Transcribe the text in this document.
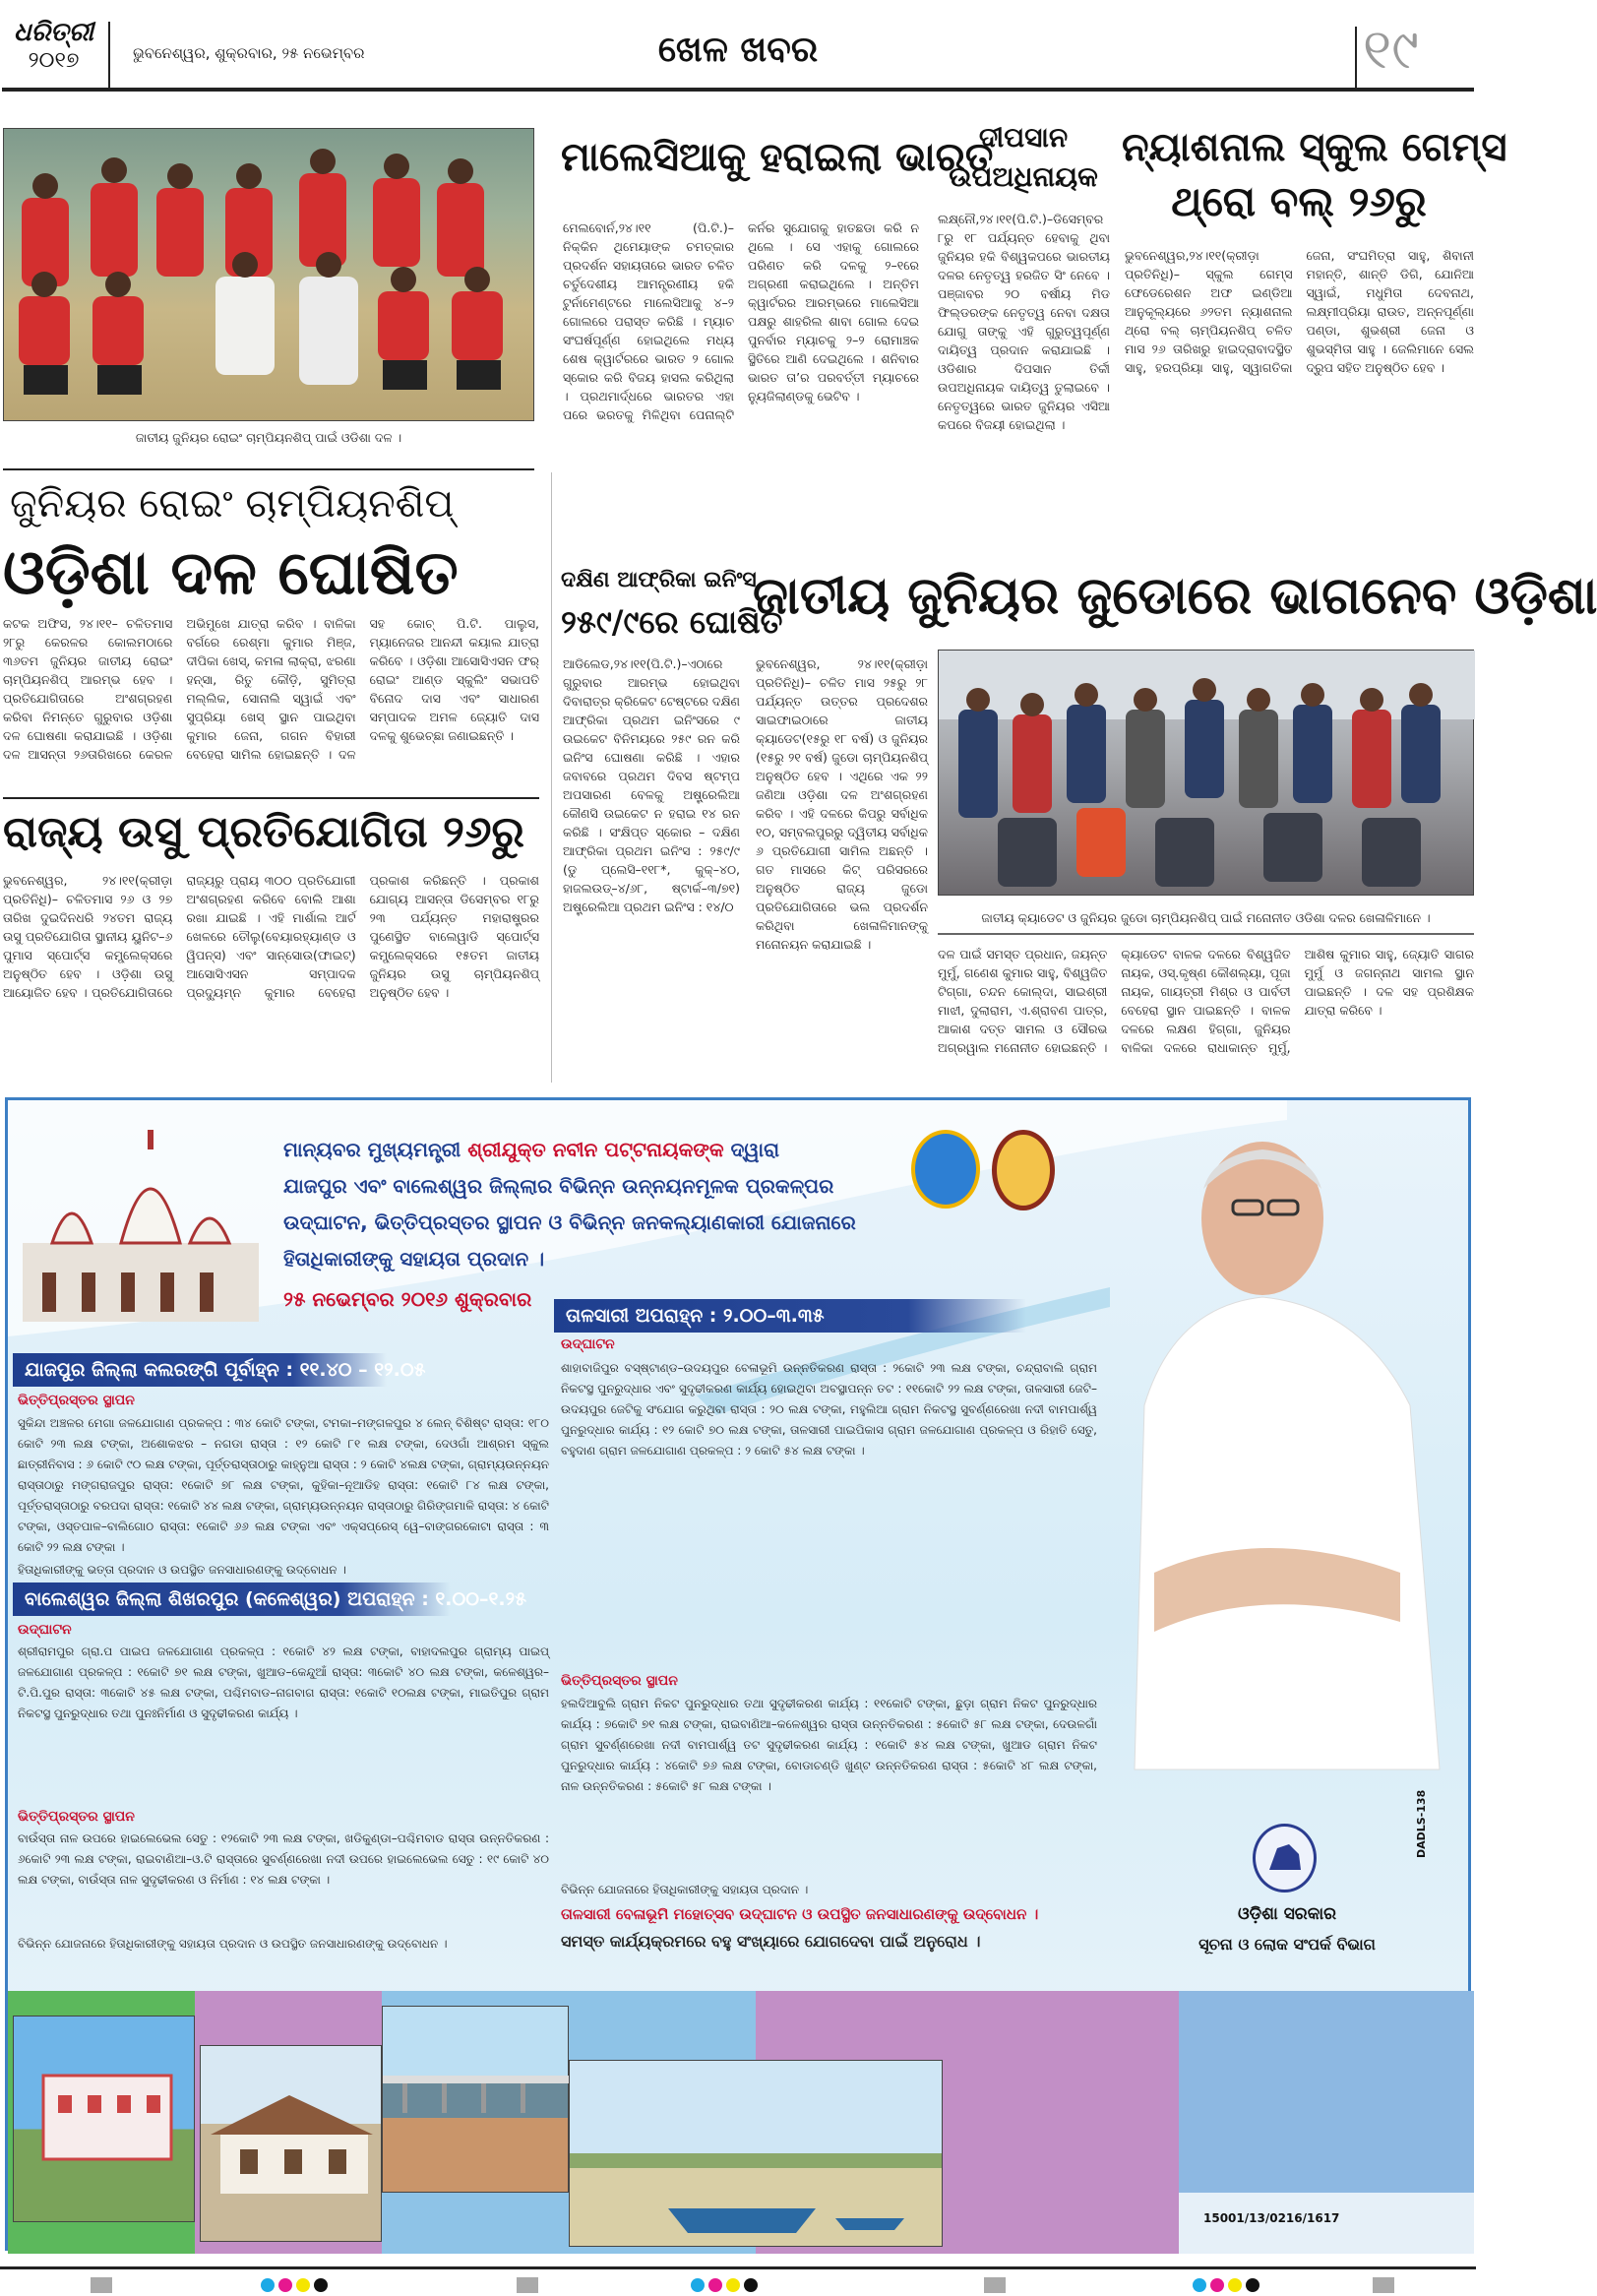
ଧରିତ୍ରୀ
୨୦୧୭	ଭୁବନେଶ୍ୱର, ଶୁକ୍ରବାର, ୨୫ ନଭେମ୍ବର	ଖେଳ ଖବର	୧୯
ଜାତୀୟ ଜୁନିୟର ରୋଇଂ ଚାମ୍ପିୟନଶିପ୍ ପାଇଁ ଓଡିଶା ଦଳ ।
ମାଲେସିଆକୁ ହରାଇଲା ଭାରତ
ମେଲବୋର୍ନ,୨୪।୧୧ (ପି.ଟି.)– ନିକ୍କିନ ଥିମେୟାଙ୍କ ଚମତ୍କାର ପ୍ରଦର୍ଶନ ସହାୟତାରେ ଭାରତ ଚଳିତ ଚର୍ତୁଦେଶୀୟ ଆମନ୍ତ୍ରଣୀୟ ହକି ଟୁର୍ନାମେଣ୍ଟରେ ମାଲେସିଆକୁ ୪–୨ ଗୋଲରେ ପରାସ୍ତ କରିଛି । ମ୍ୟାଚ ସଂଘର୍ଷପୂର୍ଣ୍ଣ ହୋଇଥିଲେ ମଧ୍ୟ ଶେଷ କ୍ୱାର୍ଟରରେ ଭାରତ ୨ ଗୋଲ ସ୍କୋର କରି ବିଜୟ ହାସଲ କରିଥିଲା । ପ୍ରଥମାର୍ଦ୍ଧରେ ଭାରତର ଏହା ପରେ ଭରତକୁ ମିଳିଥିବା ପେନାଲ୍ଟି କର୍ନର ସୁଯୋଗକୁ ହାତଛଡା କରି ନ ଥିଲେ । ସେ ଏହାକୁ ଗୋଲରେ ପରିଣତ କରି ଦଳକୁ ୨–୧ରେ ଅଗ୍ରଣୀ କରାଇଥିଲେ । ଅନ୍ତିମ କ୍ୱାର୍ଟରର ଆରମ୍ଭରେ ମାଲେସିଆ ପକ୍ଷରୁ ଶାହରିଲ ଶାବା ଗୋଲ ଦେଇ ପୁନର୍ବାର ମ୍ୟାଚକୁ ୨–୨ ରୋମାଞ୍ଚକ ସ୍ଥିତିରେ ଆଣି ଦେଇଥିଲେ । ଶନିବାର ଭାରତ ତା’ର ପରବର୍ତ୍ତୀ ମ୍ୟାଚରେ ନ୍ୟୁଜିଲାଣ୍ଡକୁ ଭେଟିବ ।
ଦୀପସାନ
ଉପଅଧିନାୟକ
ଲକ୍ଷ୍ନୌ,୨୪।୧୧(ପି.ଟି.)–ଡିସେମ୍ବର ୮ରୁ ୧୮ ପର୍ଯ୍ୟନ୍ତ ହେବାକୁ ଥିବା ଜୁନିୟର ହକି ବିଶ୍ୱକପରେ ଭାରତୀୟ ଦଳର ନେତୃତ୍ୱ ହରଜିତ ସିଂ ନେବେ । ପଞ୍ଜାବର ୨୦ ବର୍ଷୀୟ ମିଡ ଫିଲ୍ଡରଙ୍କ ନେତୃତ୍ୱ ନେବା ଦକ୍ଷତା ଯୋଗୁ ତାଙ୍କୁ ଏହି ଗୁରୁତ୍ୱପୂର୍ଣ୍ଣ ଦାୟିତ୍ୱ ପ୍ରଦାନ କରାଯାଇଛି । ଓଡିଶାର ଦିପସାନ ତିର୍କୀ ଉପଅଧିନାୟକ ଦାୟିତ୍ୱ ତୁଲାଇବେ । ନେତୃତ୍ୱରେ ଭାରତ ଜୁନିୟର ଏସିଆ କପରେ ବିଜୟୀ ହୋଇଥିଲା ।
ନ୍ୟାଶନାଲ ସ୍କୁଲ ଗେମ୍ସ
ଥ୍ରୋ ବଲ୍ ୨୬ରୁ
ଭୁବନେଶ୍ୱର,୨୪।୧୧(କ୍ରୀଡ଼ା ପ୍ରତିନିଧି)– ସ୍କୁଲ ଗେମ୍ସ ଫେଡେରେଶନ ଅଫ ଇଣ୍ଡିଆ ଆନୁକୂଲ୍ୟରେ ୬୨ତମ ନ୍ୟାଶନାଲ ଥ୍ରୋ ବଲ୍ ଚାମ୍ପିୟନଶିପ୍ ଚଳିତ ମାସ ୨୬ ତାରିଖରୁ ହାଇଦ୍ରାବାଦସ୍ଥିତ ସାହୁ, ହରପ୍ରିୟା ସାହୁ, ସ୍ୱାଗତିକା ଜେନା, ସଂଘମିତ୍ରା ସାହୁ, ଶିବାନୀ ମହାନ୍ତି, ଶାନ୍ତି ଡିଗି, ଯୋନିଆ ସ୍ୱାଇଁ, ମଧୁମିତା ଦେବନାଥ, ଲକ୍ଷ୍ମୀପ୍ରିୟା ରାଉତ, ଅନ୍ନପୂର୍ଣ୍ଣା ପଣ୍ଡା, ଶୁଭଶ୍ରୀ ଜେନା ଓ ଶୁଭସ୍ମିତା ସାହୁ । ଜେଲିମାନେ ସେଲ ଦ୍ରୁପ ସହିତ ଅନୁଷ୍ଠିତ ହେବ ।
ଜୁନିୟର ରୋଇଂ ଚାମ୍ପିୟନଶିପ୍
ଓଡ଼ିଶା ଦଳ ଘୋଷିତ
କଟକ ଅଫିସ, ୨୪।୧୧– ଚଳିତମାସ ୨୮ରୁ କେରଳର କୋଲମଠାରେ ୩୬ତମ ଜୁନିୟର ଜାତୀୟ ରୋଇଂ ଚାମ୍ପିୟନଶିପ୍ ଆରମ୍ଭ ହେବ । ପ୍ରତିଯୋଗିତାରେ ଅଂଶଗ୍ରହଣ କରିବା ନିମନ୍ତେ ଗୁରୁବାର ଓଡ଼ିଶା ଦଳ ଘୋଷଣା କରାଯାଇଛି । ଓଡ଼ିଶା ଦଳ ଆସନ୍ତା ୨୬ତାରିଖରେ କେରଳ ଅଭିମୁଖେ ଯାତ୍ରା କରିବ । ବାଳିକା ବର୍ଗରେ ରେଶ୍ମା କୁମାର ମିଞ୍ଜ, ଦୀପିକା ଖେସ୍, କମଳା ଲାକ୍ରା, ଝରଣା ହନ୍ସା, ରିତୁ କୌଡ଼ି, ସୁମିତ୍ରା ମଲ୍ଲିକ, ସୋନାଲି ସ୍ୱାଇଁ ଏବଂ ସୁପ୍ରିୟା ଖେସ୍ ସ୍ଥାନ ପାଇଥିବା କୁମାର ଜେନା, ଗଗନ ବିହାରୀ ବେହେରା ସାମିଲ ହୋଇଛନ୍ତି । ଦଳ ସହ କୋଚ୍ ପି.ଟି. ପାଲୁସ, ମ୍ୟାନେଜର ଆନନ୍ଦୀ କୟାଲ ଯାତ୍ରା କରିବେ । ଓଡ଼ିଶା ଆସୋସିଏସନ ଫର୍ ରୋଇଂ ଆଣ୍ଡ ସ୍କୁଲିଂ ସଭାପତି ବିନୋଦ ଦାସ ଏବଂ ସାଧାରଣ ସମ୍ପାଦକ ଅମଳ ଜ୍ୟୋତି ଦାସ ଦଳକୁ ଶୁଭେଚ୍ଛା ଜଣାଇଛନ୍ତି ।
ରାଜ୍ୟ ଉସୁ ପ୍ରତିଯୋଗିତା ୨୬ରୁ
ଭୁବନେଶ୍ୱର, ୨୪।୧୧(କ୍ରୀଡ଼ା ପ୍ରତିନିଧି)– ଚଳିତମାସ ୨୬ ଓ ୨୭ ତାରିଖ ଦୁଇଦିନଧରି ୨୪ତମ ରାଜ୍ୟ ଉସୁ ପ୍ରତିଯୋଗିତା ସ୍ଥାନୀୟ ୟୁନିଟ–୬ ପୁମାସ ସ୍ପୋର୍ଟ୍ସ କମ୍ପ୍ଲେକ୍ସରେ ଅନୁଷ୍ଠିତ ହେବ । ଓଡ଼ିଶା ଉସୁ ଆୟୋଜିତ ହେବ । ପ୍ରତିଯୋଗିତାରେ ରାଜ୍ୟରୁ ପ୍ରାୟ ୩୦୦ ପ୍ରତିଯୋଗୀ ଅଂଶଗ୍ରହଣ କରିବେ ବୋଲି ଆଶା ରଖା ଯାଇଛି । ଏହି ମାର୍ଶାଲ ଆର୍ଟ ଖେଳରେ ତୌଲୁ(ବେୟାରହ୍ୟାଣ୍ଡ ଓ ୱିପନ୍ସ) ଏବଂ ସାନ୍ସୋଉ(ଫାଇଟ୍) ଆସୋସିଏସନ ସମ୍ପାଦକ ପ୍ରଦ୍ୟୁମ୍ନ କୁମାର ବେହେରା ପ୍ରକାଶ କରିଛନ୍ତି । ପ୍ରକାଶ ଯୋଗ୍ୟ ଆସନ୍ତା ଡିସେମ୍ବର ୧୮ରୁ ୨୩ ପର୍ଯ୍ୟନ୍ତ ମହାରାଷ୍ଟ୍ରର ପୁଣେସ୍ଥିତ ବାଲେୱାଡି ସ୍ପୋର୍ଟ୍ସ କମ୍ପ୍ଲେକ୍ସରେ ୧୫ତମ ଜାତୀୟ ଜୁନିୟର ଉସୁ ଚାମ୍ପିୟନଶିପ୍ ଅନୁଷ୍ଠିତ ହେବ ।
ଦକ୍ଷିଣ ଆଫ୍ରିକା ଇନିଂସ
୨୫୯/୯ରେ ଘୋଷିତ
ଆଡିଲେଡ,୨୪।୧୧(ପି.ଟି.)–ଏଠାରେ ଗୁରୁବାର ଆରମ୍ଭ ହୋଇଥିବା ଦିବାରାତ୍ର କ୍ରିକେଟ ଟେଷ୍ଟରେ ଦକ୍ଷିଣ ଆଫ୍ରିକା ପ୍ରଥମ ଇନିଂସରେ ୯ ଉଇକେଟ ବିନିମୟରେ ୨୫୯ ରନ କରି ଇନିଂସ ଘୋଷଣା କରିଛି । ଏହାର ଜବାବରେ ପ୍ରଥମ ଦିବସ ଷ୍ଟମ୍ପ ଅପସାରଣ ବେଳକୁ ଅଷ୍ଟ୍ରେଲିଆ କୌଣସି ଉଇକେଟ ନ ହରାଇ ୧୪ ରନ କରିଛି । ସଂକ୍ଷିପ୍ତ ସ୍କୋର – ଦକ୍ଷିଣ ଆଫ୍ରିକା ପ୍ରଥମ ଇନିଂସ : ୨୫୯/୯ (ଡୁ ପ୍ଲେସି–୧୧୮*, କୁକ୍–୪୦, ହାଜଲଉଡ୍–୪/୬୮, ଷ୍ଟାର୍କ–୩/୭୧) ଅଷ୍ଟ୍ରେଲିଆ ପ୍ରଥମ ଇନିଂସ : ୧୪/୦
ଜାତୀୟ ଜୁନିୟର ଜୁଡୋରେ ଭାଗନେବ ଓଡ଼ିଶା
ଭୁବନେଶ୍ୱର, ୨୪।୧୧(କ୍ରୀଡ଼ା ପ୍ରତିନିଧି)– ଚଳିତ ମାସ ୨୫ରୁ ୨୮ ପର୍ଯ୍ୟନ୍ତ ଉତ୍ତର ପ୍ରଦେଶର ସାଇଫାଇଠାରେ ଜାତୀୟ କ୍ୟାଡେଟ(୧୫ରୁ ୧୮ ବର୍ଷ) ଓ ଜୁନିୟର (୧୫ରୁ ୨୧ ବର୍ଷ) ଜୁଡୋ ଚାମ୍ପିୟନଶିପ୍ ଅନୁଷ୍ଠିତ ହେବ । ଏଥିରେ ଏକ ୨୨ ଜଣିଆ ଓଡ଼ିଶା ଦଳ ଅଂଶଗ୍ରହଣ କରିବ । ଏହି ଦଳରେ କିପରୁ ସର୍ବାଧିକ ୧୦, ସମ୍ବଲପୁରରୁ ଦ୍ୱିତୀୟ ସର୍ବାଧିକ ୬ ପ୍ରତିଯୋଗୀ ସାମିଲ ଅଛନ୍ତି । ଗତ ମାସରେ କିଟ୍ ପରିସରରେ ଅନୁଷ୍ଠିତ ରାଜ୍ୟ ଜୁଡୋ ପ୍ରତିଯୋଗିତାରେ ଭଲ ପ୍ରଦର୍ଶନ କରିଥିବା ଖେଳାଳିମାନଙ୍କୁ ମନୋନୟନ କରାଯାଇଛି ।
ଜାତୀୟ କ୍ୟାଡେଟ ଓ ଜୁନିୟର ଜୁଡୋ ଚାମ୍ପିୟନଶିପ୍ ପାଇଁ ମନୋନୀତ ଓଡିଶା ଦଳର ଖେଳାଳିମାନେ ।
ଦଳ ପାଇଁ ସମସ୍ତ ପ୍ରଧାନ, ଜୟନ୍ତ ମୁର୍ମୁ, ଗଣେଶ କୁମାର ସାହୁ, ବିଶ୍ୱଜିତ ଟିଗ୍ଗା, ଚନ୍ଦନ କୋଲ୍ଦା, ସାଇଶ୍ରୀ ମାଝୀ, ଦୁଲାରାମ, ଏ.ଶ୍ରାବଣ ପାତ୍ର, ଆକାଶ ଦତ୍ତ ସାମଲ ଓ ସୌରଭ ଅଗ୍ରୱାଲ ମନୋନୀତ ହୋଇଛନ୍ତି । କ୍ୟାଡେଟ ବାଳକ ଦଳରେ ବିଶ୍ୱଜିତ ନାୟକ, ଓସ୍.କୃଷ୍ଣ କୌଶଲ୍ୟା, ପୂଜା ନାୟକ, ଗାୟତ୍ରୀ ମିଶ୍ର ଓ ପାର୍ବତୀ ବେହେରା ସ୍ଥାନ ପାଇଛନ୍ତି । ବାଳକ ଦଳରେ ଲକ୍ଷଣ ହିଗ୍ଗା, ଜୁନିୟର ବାଳିକା ଦଳରେ ରାଧାକାନ୍ତ ମୁର୍ମୁ, ଆଶିଷ କୁମାର ସାହୁ, ଜ୍ୟୋତି ସାଗର ମୁର୍ମୁ ଓ ଜଗନ୍ନାଥ ସାମଲ ସ୍ଥାନ ପାଇଛନ୍ତି । ଦଳ ସହ ପ୍ରଶିକ୍ଷକ ଯାତ୍ରା କରିବେ ।
ମାନ୍ୟବର ମୁଖ୍ୟମନ୍ତ୍ରୀ ଶ୍ରୀଯୁକ୍ତ ନବୀନ ପଟ୍ଟନାୟକଙ୍କ ଦ୍ୱାରା
ଯାଜପୁର ଏବଂ ବାଲେଶ୍ୱର ଜିଲ୍ଲାର ବିଭିନ୍ନ ଉନ୍ନୟନମୂଳକ ପ୍ରକଳ୍ପର
ଉଦ୍‌ଘାଟନ, ଭିତ୍ତିପ୍ରସ୍ତର ସ୍ଥାପନ ଓ ବିଭିନ୍ନ ଜନକଲ୍ୟାଣକାରୀ ଯୋଜନାରେ
ହିତାଧିକାରୀଙ୍କୁ ସହାୟତା ପ୍ରଦାନ ।
୨୫ ନଭେମ୍ବର ୨୦୧୬ ଶୁକ୍ରବାର
ଯାଜପୁର ଜିଲ୍ଲା କଲରଙ୍ଗି ପୂର୍ବାହ୍ନ : ୧୧.୪୦ – ୧୨.୦୫
ଭିତ୍ତିପ୍ରସ୍ତର ସ୍ଥାପନ
ସୁକିନ୍ଦା ଅଞ୍ଚଳର ମେଗା ଜଳଯୋଗାଣ ପ୍ରକଳ୍ପ : ୩୪ କୋଟି ଟଙ୍କା, ଟମକା–ମଙ୍ଗଳପୁର ୪ ଲେନ୍ ବିଶିଷ୍ଟ ରାସ୍ତା: ୧୮୦ କୋଟି ୨୩ ଲକ୍ଷ ଟଙ୍କା, ଅଶୋକଝର – ନଗଡା ରାସ୍ତା : ୧୨ କୋଟି ୮୧ ଲକ୍ଷ ଟଙ୍କା, ଦେଓଗାଁ ଆଶ୍ରମ ସ୍କୁଲ ଛାତ୍ରୀନିବାସ : ୬ କୋଟି ୯୦ ଲକ୍ଷ ଟଙ୍କା, ପୂର୍ତ୍ତରାସ୍ତାଠାରୁ କାହ୍ନୁଆ ରାସ୍ତା : ୨ କୋଟି ୪ଲକ୍ଷ ଟଙ୍କା, ଗ୍ରାମ୍ୟଉନ୍ନୟନ ରାସ୍ତାଠାରୁ ମଙ୍ଗରାଜପୁର ରାସ୍ତା: ୧କୋଟି ୭୮ ଲକ୍ଷ ଟଙ୍କା, କୁହିକା–ନୂଆଡିହ ରାସ୍ତା: ୧କୋଟି ୮୪ ଲକ୍ଷ ଟଙ୍କା, ପୂର୍ତ୍ତରାସ୍ତାଠାରୁ ବରପଦା ରାସ୍ତା: ୧କୋଟି ୪୪ ଲକ୍ଷ ଟଙ୍କା, ଗ୍ରାମ୍ୟଉନ୍ନୟନ ରାସ୍ତାଠାରୁ ଗିରିଙ୍ଗମାଳି ରାସ୍ତା: ୪ କୋଟି ଟଙ୍କା, ଓସ୍ତପାଳ–ବାଲିଗୋଠ ରାସ୍ତା: ୧କୋଟି ୬୬ ଲକ୍ଷ ଟଙ୍କା ଏବଂ ଏକ୍ସପ୍ରେସ୍ ୱେ–ବାଙ୍ଗରକୋଟା ରାସ୍ତା : ୩ କୋଟି ୨୨ ଲକ୍ଷ ଟଙ୍କା ।
ହିତାଧିକାରୀଙ୍କୁ ଭତ୍ତା ପ୍ରଦାନ ଓ ଉପସ୍ଥିତ ଜନସାଧାରଣଙ୍କୁ ଉଦ୍‌ବୋଧନ ।
ବାଲେଶ୍ୱର ଜିଲ୍ଲା ଶିଖରପୁର (କଳେଶ୍ୱର) ଅପରାହ୍ନ : ୧.୦୦–୧.୨୫
ଉଦ୍‌ଘାଟନ
ଶ୍ରୀରାମପୁର ଗ୍ରା.ପ ପାଇପ ଜଳଯୋଗାଣ ପ୍ରକଳ୍ପ : ୧କୋଟି ୪୨ ଲକ୍ଷ ଟଙ୍କା, ବାହାଦଲପୁର ଗ୍ରାମ୍ୟ ପାଇପ୍ ଜଳଯୋଗାଣ ପ୍ରକଳ୍ପ : ୧କୋଟି ୭୧ ଲକ୍ଷ ଟଙ୍କା, ଖୁଆଡ–କେନ୍ଦୁଆଁ ରାସ୍ତା: ୩କୋଟି ୪୦ ଲକ୍ଷ ଟଙ୍କା, କଳେଶ୍ୱର–ଟି.ପି.ପୁର ରାସ୍ତା: ୩କୋଟି ୪୫ ଲକ୍ଷ ଟଙ୍କା, ପଶ୍ଚିମବାଡ–ନାଗବାଗ ରାସ୍ତା: ୧କୋଟି ୧୦ଲକ୍ଷ ଟଙ୍କା, ମାଇତିପୁର ଗ୍ରାମ ନିକଟସ୍ଥ ପୁନରୁଦ୍ଧାର ତଥା ପୁନଃନିର୍ମାଣ ଓ ସୁଦୃଢୀକରଣ କାର୍ଯ୍ୟ ।
ଭିତ୍ତିପ୍ରସ୍ତର ସ୍ଥାପନ
ବାଉଁସ୍ତା ନାଳ ଉପରେ ହାଇଲେଭେଲ ସେତୁ : ୧୨କୋଟି ୨୩ ଲକ୍ଷ ଟଙ୍କା, ଖଡିକୁଣ୍ଡା–ପଶ୍ଚିମବାଡ ରାସ୍ତା ଉନ୍ନତିକରଣ : ୬କୋଟି ୨୩ ଲକ୍ଷ ଟଙ୍କା, ରାଇବାଣିଆ–ଓ.ଟି ରାସ୍ତାରେ ସୁବର୍ଣ୍ଣରେଖା ନଦୀ ଉପରେ ହାଇଲେଭେଲ ସେତୁ : ୧୯ କୋଟି ୪୦ ଲକ୍ଷ ଟଙ୍କା, ବାଉଁସ୍ତା ନାଳ ସୁଦୃଢୀକରଣ ଓ ନିର୍ମାଣ : ୧୪ ଲକ୍ଷ ଟଙ୍କା ।
ବିଭିନ୍ନ ଯୋଜନାରେ ହିତାଧିକାରୀଙ୍କୁ ସହାୟତା ପ୍ରଦାନ ଓ ଉପସ୍ଥିତ ଜନସାଧାରଣଙ୍କୁ ଉଦ୍‌ବୋଧନ ।
ତାଳସାରୀ ଅପରାହ୍ନ : ୨.୦୦–୩.୩୫
ଉଦ୍‌ଘାଟନ
ଶାହାବାଜିପୁର ବସ୍‌ଷ୍ଟାଣ୍ଡ–ଉଦୟପୁର ବେଳାଭୂମି ଉନ୍ନତିକରଣ ରାସ୍ତା : ୨କୋଟି ୨୩ ଲକ୍ଷ ଟଙ୍କା, ଚନ୍ଦ୍ରାବାଲି ଗ୍ରାମ ନିକଟସ୍ଥ ପୁନରୁଦ୍ଧାର ଏବଂ ସୁଦୃଢୀକରଣ କାର୍ଯ୍ୟ ହୋଇଥିବା ଅବସ୍ଥାପନ୍ନ ତଟ : ୧୧କୋଟି ୨୨ ଲକ୍ଷ ଟଙ୍କା, ତାଳସାରୀ ଜେଟି– ଉଦୟପୁର ଜେଟିକୁ ସଂଯୋଗ କରୁଥିବା ରାସ୍ତା : ୨୦ ଲକ୍ଷ ଟଙ୍କା, ମହୁଲିଆ ଗ୍ରାମ ନିକଟସ୍ଥ ସୁବର୍ଣ୍ଣରେଖା ନଦୀ ବାମପାର୍ଶ୍ୱ ପୁନରୁଦ୍ଧାର କାର୍ଯ୍ୟ : ୧୨ କୋଟି ୭୦ ଲକ୍ଷ ଟଙ୍କା, ତାଳସାରୀ ପାଇପିକାସ ଗ୍ରାମ ଜଳଯୋଗାଣ ପ୍ରକଳ୍ପ ଓ ରିହାତି ସେତୁ, ବହୁଦାଣ ଗ୍ରାମ ଜଳଯୋଗାଣ ପ୍ରକଳ୍ପ : ୨ କୋଟି ୫୪ ଲକ୍ଷ ଟଙ୍କା ।
ଭିତ୍ତିପ୍ରସ୍ତର ସ୍ଥାପନ
ହଲଦିଆବୁଲି ଗ୍ରାମ ନିକଟ ପୁନରୁଦ୍ଧାର ତଥା ସୁଦୃଢୀକରଣ କାର୍ଯ୍ୟ : ୧୧କୋଟି ଟଙ୍କା, ଛୁଡ଼ା ଗ୍ରାମ ନିକଟ ପୁନରୁଦ୍ଧାର କାର୍ଯ୍ୟ : ୭କୋଟି ୭୧ ଲକ୍ଷ ଟଙ୍କା, ରାଇବାଣିଆ–କଳେଶ୍ୱର ରାସ୍ତା ଉନ୍ନତିକରଣ : ୫କୋଟି ୫୮ ଲକ୍ଷ ଟଙ୍କା, ଦେଉଳଗାଁ ଗ୍ରାମ ସୁବର୍ଣ୍ଣରେଖା ନଦୀ ବାମପାର୍ଶ୍ୱ ତଟ ସୁଦୃଢୀକରଣ କାର୍ଯ୍ୟ : ୧କୋଟି ୫୪ ଲକ୍ଷ ଟଙ୍କା, ଖୁଆଡ ଗ୍ରାମ ନିକଟ ପୁନରୁଦ୍ଧାର କାର୍ଯ୍ୟ : ୪କୋଟି ୭୬ ଲକ୍ଷ ଟଙ୍କା, ବୋଡାଚଣ୍ଡି ଖୁଣ୍ଟ ଉନ୍ନତିକରଣ ରାସ୍ତା : ୫କୋଟି ୪୮ ଲକ୍ଷ ଟଙ୍କା, ନାଳ ଉନ୍ନତିକରଣ : ୫କୋଟି ୫୮ ଲକ୍ଷ ଟଙ୍କା ।
ବିଭିନ୍ନ ଯୋଜନାରେ ହିତାଧିକାରୀଙ୍କୁ ସହାୟତା ପ୍ରଦାନ ।
ତାଳସାରୀ ବେଳାଭୂମି ମହୋତ୍ସବ ଉଦ୍‌ଘାଟନ ଓ ଉପସ୍ଥିତ ଜନସାଧାରଣଙ୍କୁ ଉଦ୍‌ବୋଧନ ।
ସମସ୍ତ କାର୍ଯ୍ୟକ୍ରମରେ ବହୁ ସଂଖ୍ୟାରେ ଯୋଗଦେବା ପାଇଁ ଅନୁରୋଧ ।
ଓଡ଼ିଶା ସରକାର
ସୂଚନା ଓ ଲୋକ ସଂପର୍କ ବିଭାଗ
DADLS-138
15001/13/0216/1617
